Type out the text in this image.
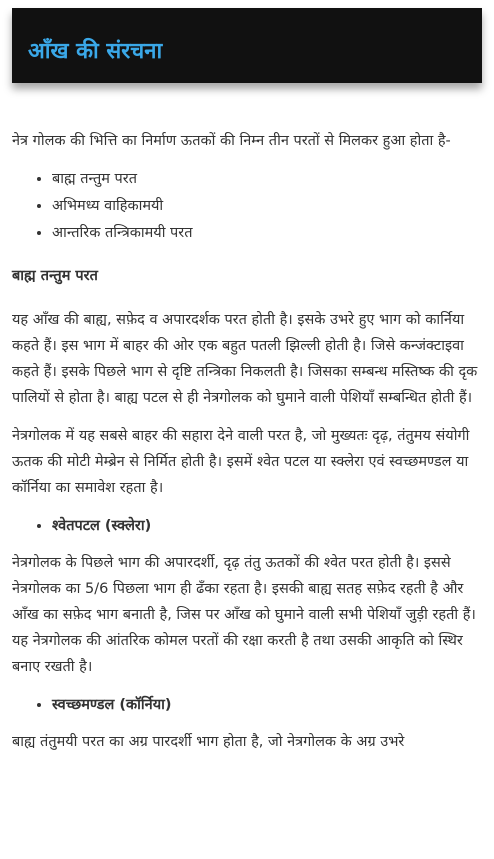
आँख की संरचना

नेत्र गोलक की भित्ति का निर्माण ऊतकों की निम्न तीन परतों से मिलकर हुआ होता है-

• बाह्म तन्तुम परत
• अभिमध्य वाहिकामयी
• आन्तरिक तन्त्रिकामयी परत

बाह्म तन्तुम परत

यह आँख की बाह्य, सफ़ेद व अपारदर्शक परत होती है। इसके उभरे हुए भाग को कार्निया कहते हैं। इस भाग में बाहर की ओर एक बहुत पतली झिल्ली होती है। जिसे कन्जंक्टाइवा कहते हैं। इसके पिछले भाग से दृष्टि तन्त्रिका निकलती है। जिसका सम्बन्ध मस्तिष्क की दृक पालियों से होता है। बाह्य पटल से ही नेत्रगोलक को घुमाने वाली पेशियाँ सम्बन्धित होती हैं।

नेत्रगोलक में यह सबसे बाहर की सहारा देने वाली परत है, जो मुख्यतः दृढ़, तंतुमय संयोगी ऊतक की मोटी मेम्ब्रेन से निर्मित होती है। इसमें श्वेत पटल या स्क्लेरा एवं स्वच्छमण्डल या कॉर्निया का समावेश रहता है।

• श्वेतपटल (स्क्लेरा)

नेत्रगोलक के पिछले भाग की अपारदर्शी, दृढ़ तंतु ऊतकों की श्वेत परत होती है। इससे नेत्रगोलक का 5/6 पिछला भाग ही ढँका रहता है। इसकी बाह्य सतह सफ़ेद रहती है और आँख का सफ़ेद भाग बनाती है, जिस पर आँख को घुमाने वाली सभी पेशियाँ जुड़ी रहती हैं। यह नेत्रगोलक की आंतरिक कोमल परतों की रक्षा करती है तथा उसकी आकृति को स्थिर बनाए रखती है।

• स्वच्छमण्डल (कॉर्निया)

बाह्य तंतुमयी परत का अग्र पारदर्शी भाग होता है, जो नेत्रगोलक के अग्र उभरे
